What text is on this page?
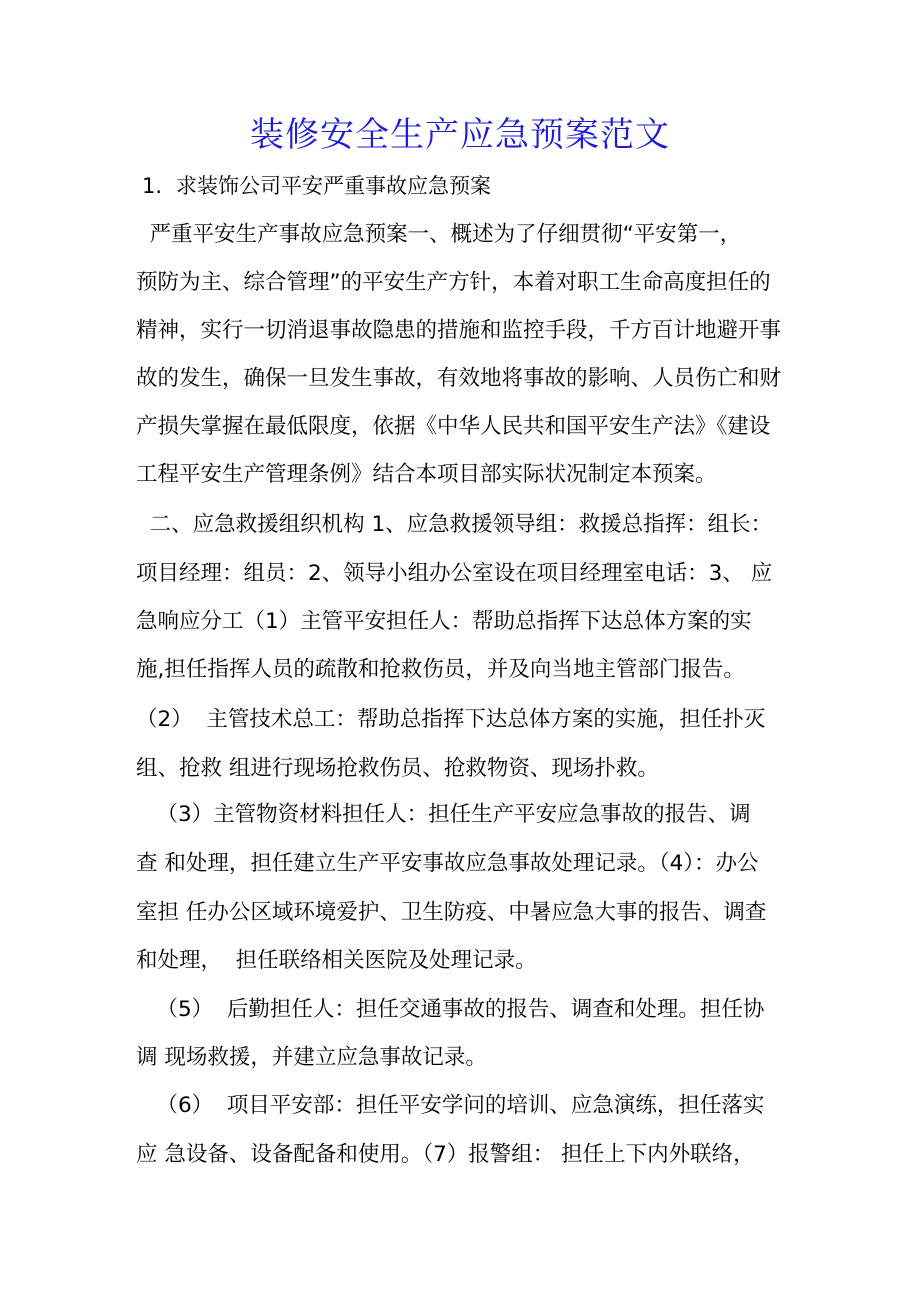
装修安全生产应急预案范文
1. 求装饰公司平安严重事故应急预案
严重平安生产事故应急预案一、概述为了仔细贯彻“平安第一，
预防为主、综合管理”的平安生产方针，本着对职工生命高度担任的
精神，实行一切消退事故隐患的措施和监控手段，千方百计地避开事
故的发生，确保一旦发生事故，有效地将事故的影响、人员伤亡和财
产损失掌握在最低限度，依据《中华人民共和国平安生产法》《建设
工程平安生产管理条例》结合本项目部实际状况制定本预案。
二、应急救援组织机构 1、应急救援领导组：救援总指挥：组长：
项目经理：组员：2、领导小组办公室设在项目经理室电话：3、 应
急响应分工（1）主管平安担任人：帮助总指挥下达总体方案的实
施,担任指挥人员的疏散和抢救伤员，并及向当地主管部门报告。
（2）  主管技术总工：帮助总指挥下达总体方案的实施，担任扑灭
组、抢救 组进行现场抢救伤员、抢救物资、现场扑救。
（3）主管物资材料担任人：担任生产平安应急事故的报告、调
查 和处理，担任建立生产平安事故应急事故处理记录。（4）：办公
室担 任办公区域环境爱护、卫生防疫、中暑应急大事的报告、调查
和处理，  担任联络相关医院及处理记录。
（5）  后勤担任人：担任交通事故的报告、调查和处理。担任协
调 现场救援，并建立应急事故记录。
（6）  项目平安部：担任平安学问的培训、应急演练，担任落实
应 急设备、设备配备和使用。（7）报警组： 担任上下内外联络，
